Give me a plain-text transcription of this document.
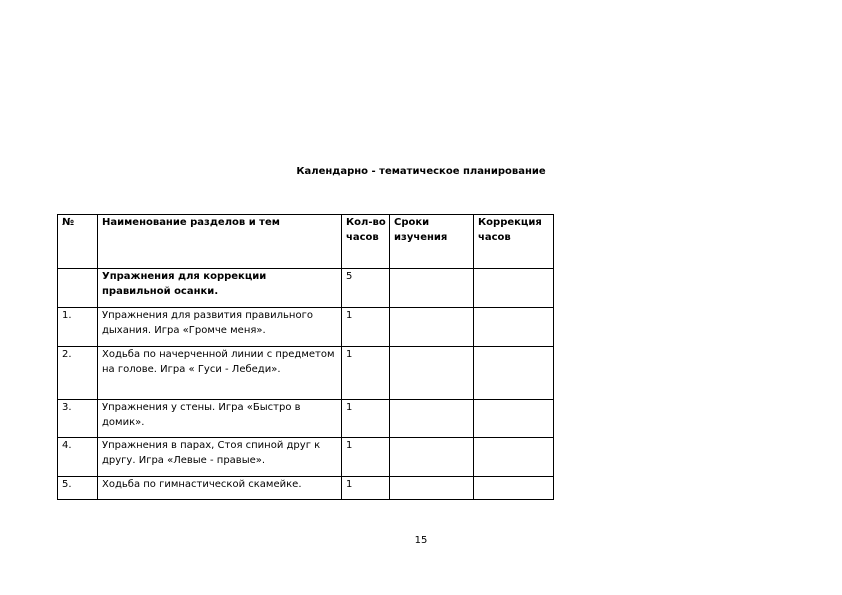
Календарно - тематическое планирование
№	Наименование разделов и тем	Кол-во часов	Сроки изучения	Коррекция часов
	Упражнения для коррекции правильной осанки.	5		
1.	Упражнения для развития правильного дыхания. Игра «Громче меня».	1		
2.	Ходьба по начерченной линии с предметом на голове. Игра « Гуси - Лебеди».	1		
3.	Упражнения у стены. Игра «Быстро в домик».	1		
4.	Упражнения в парах, Стоя спиной друг к другу. Игра «Левые - правые».	1		
5.	Ходьба по гимнастической скамейке.	1		
15
